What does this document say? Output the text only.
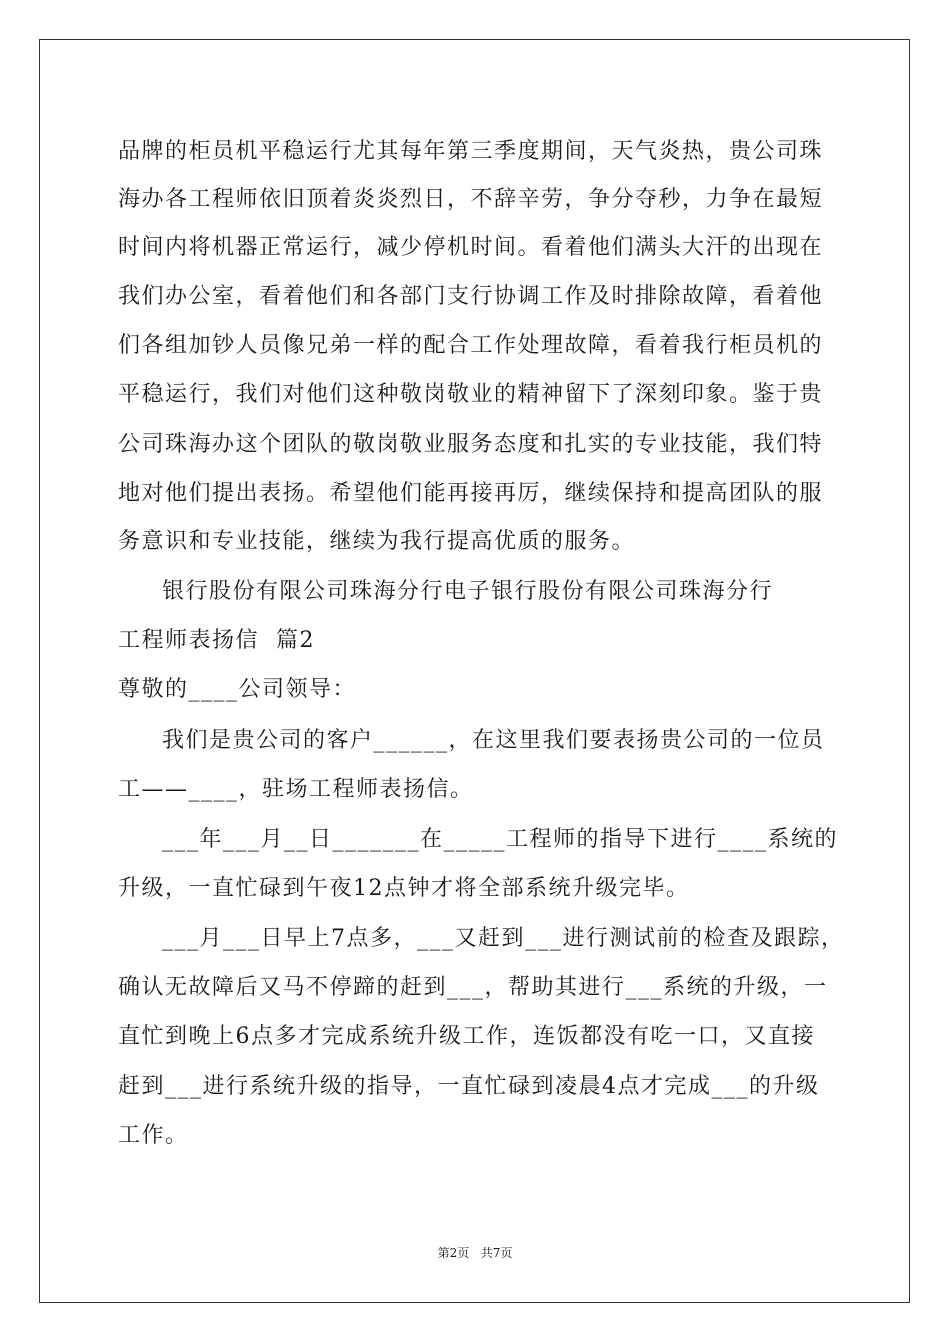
品牌的柜员机平稳运行尤其每年第三季度期间，天气炎热，贵公司珠
海办各工程师依旧顶着炎炎烈日，不辞辛劳，争分夺秒，力争在最短
时间内将机器正常运行，减少停机时间。看着他们满头大汗的出现在
我们办公室，看着他们和各部门支行协调工作及时排除故障，看着他
们各组加钞人员像兄弟一样的配合工作处理故障，看着我行柜员机的
平稳运行，我们对他们这种敬岗敬业的精神留下了深刻印象。鉴于贵
公司珠海办这个团队的敬岗敬业服务态度和扎实的专业技能，我们特
地对他们提出表扬。希望他们能再接再厉，继续保持和提高团队的服
务意识和专业技能，继续为我行提高优质的服务。
银行股份有限公司珠海分行电子银行股份有限公司珠海分行
工程师表扬信  篇2
尊敬的____公司领导：
我们是贵公司的客户______，在这里我们要表扬贵公司的一位员
工——____，驻场工程师表扬信。
___年___月__日_______在_____工程师的指导下进行____系统的
升级，一直忙碌到午夜12点钟才将全部系统升级完毕。
___月___日早上7点多，___又赶到___进行测试前的检查及跟踪，
确认无故障后又马不停蹄的赶到___，帮助其进行___系统的升级，一
直忙到晚上6点多才完成系统升级工作，连饭都没有吃一口，又直接
赶到___进行系统升级的指导，一直忙碌到凌晨4点才完成___的升级
工作。
第2页   共7页
